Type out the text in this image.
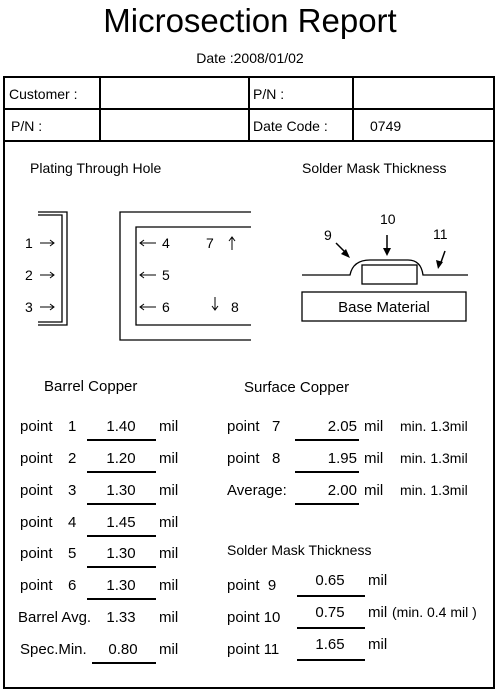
Microsection Report
Date :2008/01/02
Customer :	P/N :
P/N :	Date Code :	0749
Plating Through Hole	Solder Mask Thickness
1
2
3
4
5
6
7
8	Base Material
9
10
11
Barrel Copper
point 1	1.40	mil
point 2	1.20	mil
point 3	1.30	mil
point 4	1.45	mil
point 5	1.30	mil
point 6	1.30	mil
Barrel Avg.	1.33	mil
Spec.Min.	0.80	mil
Surface Copper
point   7	2.05 mil min. 1.3mil
point   8	1.95 mil min. 1.3mil
Average:	2.00 mil min. 1.3mil
Solder Mask Thickness
point  9	0.65	mil
point 10	0.75	mil (min. 0.4 mil )
point 11	1.65	mil
